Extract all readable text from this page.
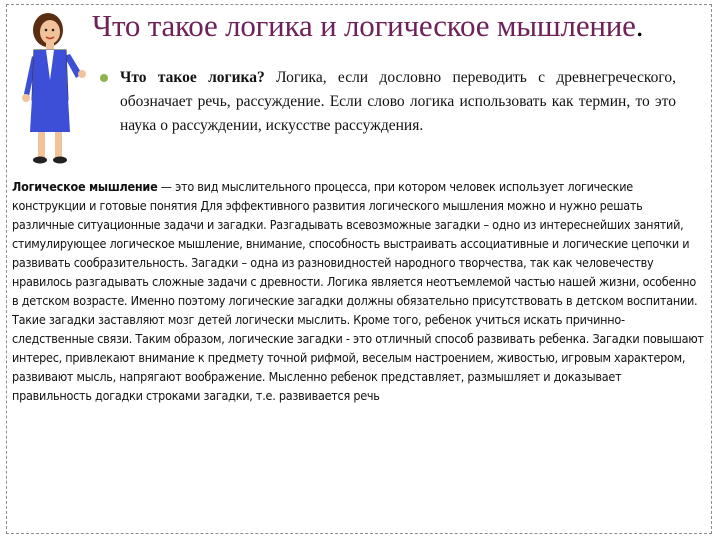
Что такое логика и логическое мышление.
Что такое логика? Логика, если дословно переводить с древнегреческого, обозначает речь, рассуждение. Если слово логика использовать как термин, то это наука о рассуждении, искусстве рассуждения.
Логическое мышление — это вид мыслительного процесса, при котором человек использует логические конструкции и готовые понятия Для эффективного развития логического мышления можно и нужно решать различные ситуационные задачи и загадки. Разгадывать всевозможные загадки – одно из интереснейших занятий, стимулирующее логическое мышление, внимание, способность выстраивать ассоциативные и логические цепочки и развивать сообразительность. Загадки – одна из разновидностей народного творчества, так как человечеству нравилось разгадывать сложные задачи с древности. Логика является неотъемлемой частью нашей жизни, особенно в детском возрасте. Именно поэтому логические загадки должны обязательно присутствовать в детском воспитании. Такие загадки заставляют мозг детей логически мыслить. Кроме того, ребенок учиться искать причинно-следственные связи. Таким образом, логические загадки - это отличный способ развивать ребенка. Загадки повышают интерес, привлекают внимание к предмету точной рифмой, веселым настроением, живостью, игровым характером, развивают мысль, напрягают воображение. Мысленно ребенок представляет, размышляет и доказывает правильность догадки строками загадки, т.е. развивается речь
